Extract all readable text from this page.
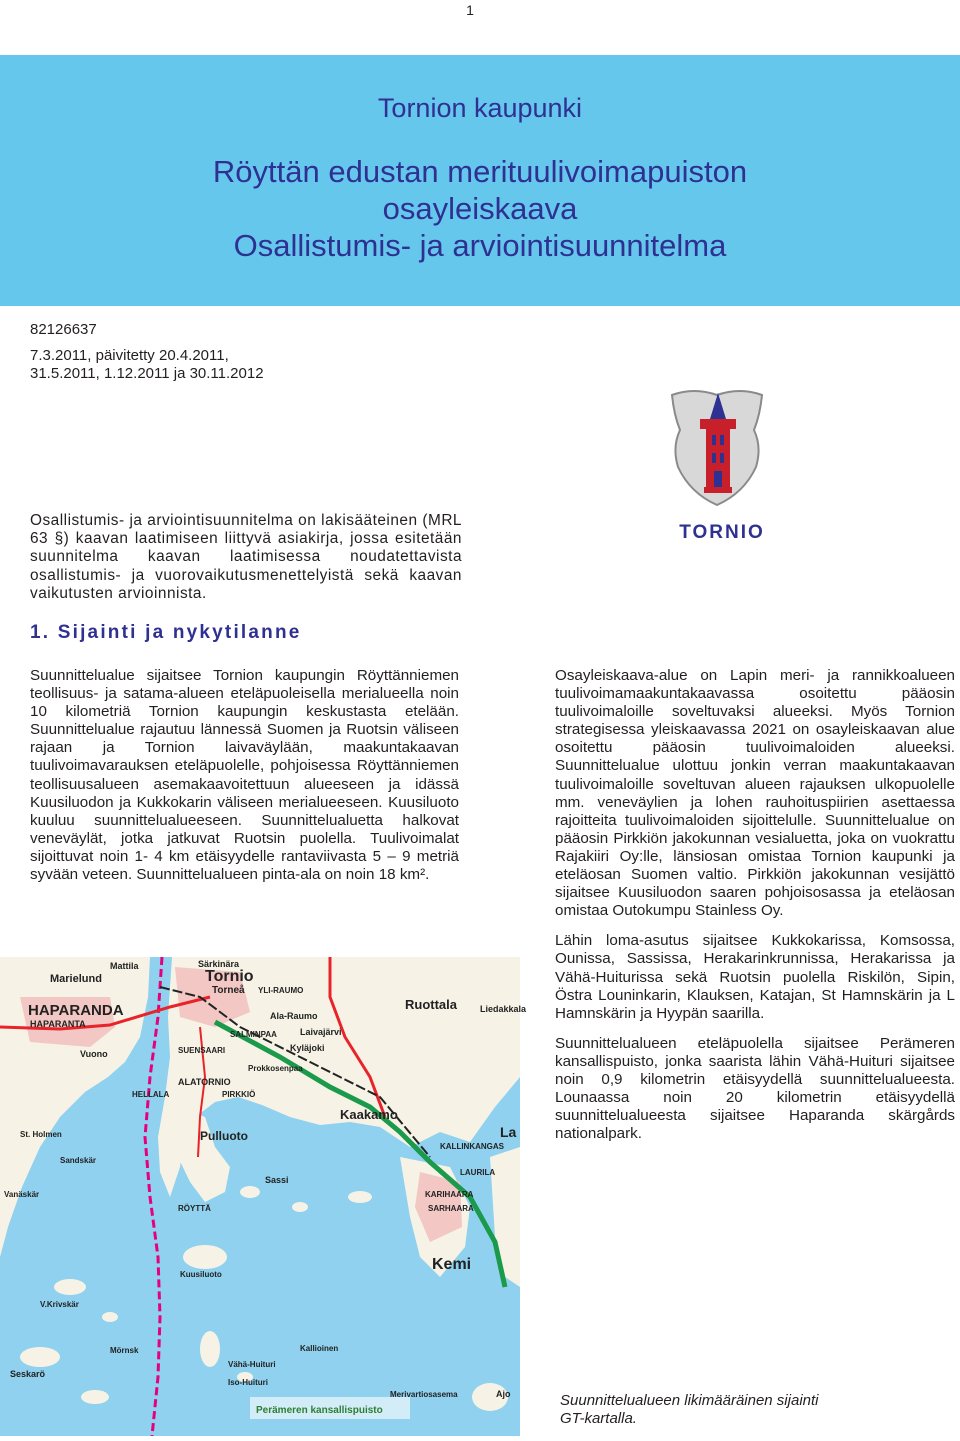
1
Tornion kaupunki
Röyttän edustan merituulivoimapuiston
osayleiskaava
Osallistumis- ja arviointisuunnitelma
82126637
7.3.2011, päivitetty 20.4.2011,
31.5.2011, 1.12.2011 ja 30.11.2012
Osallistumis- ja arviointisuunnitelma on lakisääteinen (MRL 63 §) kaavan laatimiseen liittyvä asiakirja, jossa esitetään suunnitelma kaavan laatimisessa noudatettavista osallistumis- ja vuorovaikutusmenettelyistä sekä kaavan vaikutusten arvioinnista.
TORNIO
1. Sijainti ja nykytilanne

Suunnittelualue sijaitsee Tornion kaupungin Röyttänniemen teollisuus- ja satama-alueen eteläpuoleisella merialueella noin 10 kilometriä Tornion kaupungin keskustasta etelään. Suunnittelualue rajautuu lännessä Suomen ja Ruotsin väliseen rajaan ja Tornion laivaväylään, maakuntakaavan tuulivoimavarauksen eteläpuolelle, pohjoisessa Röyttänniemen teollisuusalueen asemakaavoitettuun alueeseen ja idässä Kuusiluodon ja Kukkokarin väliseen merialueeseen. Kuusiluoto kuuluu suunnittelualueeseen. Suunnittelualuetta halkovat veneväylät, jotka jatkuvat Ruotsin puolella. Tuulivoimalat sijoittuvat noin 1- 4 km etäisyydelle rantaviivasta 5 – 9 metriä syvään veteen. Suunnittelualueen pinta-ala on noin 18 km².

Osayleiskaava-alue on Lapin meri- ja rannikkoalueen tuulivoimamaakuntakaavassa osoitettu pääosin tuulivoimaloille soveltuvaksi alueeksi. Myös Tornion strategisessa yleiskaavassa 2021 on osayleiskaavan alue osoitettu pääosin tuulivoimaloiden alueeksi. Suunnittelualue ulottuu jonkin verran maakuntakaavan tuulivoimaloille soveltuvan alueen rajauksen ulkopuolelle mm. veneväylien ja lohen rauhoituspiirien asettaessa rajoitteita tuulivoimaloiden sijoittelulle. Suunnittelualue on pääosin Pirkkiön jakokunnan vesialuetta, joka on vuokrattu Rajakiiri Oy:lle, länsiosan omistaa Tornion kaupunki ja eteläosan Suomen valtio. Pirkkiön jakokunnan vesijättö sijaitsee Kuusiluodon saaren pohjoisosassa ja eteläosan omistaa Outokumpu Stainless Oy.

Lähin loma-asutus sijaitsee Kukkokarissa, Komsossa, Ounissa, Sassissa, Herakarinkrunnissa, Herakarissa ja Vähä-Huiturissa sekä Ruotsin puolella Riskilön, Sipin, Östra Louninkarin, Klauksen, Katajan, St Hamnskärin ja L Hamnskärin ja Hyypän saarilla.

Suunnittelualueen eteläpuolella sijaitsee Perämeren kansallispuisto, jonka saarista lähin Vähä-Huituri sijaitsee noin 0,9 kilometrin etäisyydellä suunnittelualueesta. Lounaassa noin 20 kilometrin etäisyydellä suunnittelualueesta sijaitsee Haparanda skärgårds nationalpark.

Tornio
Torneå
HAPARANDA
HAPARANTA
Marielund
Mattila	Särkinära
Ruottala	Liedakkala
Kemi
Kaakamo
Pulluoto
Laivajärvi
Vuono	SUENSAARI
YLI-RAUMO
Ala-Raumo
SALMINPAA
Kyläjoki
ALATORNIO
PIRKKIÖ
HELLALA
Prokkosenpaa
Sassi
RÖYTTÄ
Kuusiluoto
KALLINKANGAS
KARIHAARA
SARHAARA
LAURILA
Vähä-Huituri
Iso-Huituri
Kallioinen
St. Holmen
Sandskär
Vanäskär
Seskarö
Mörnsk
V.Krivskär
Merivartiosasema	Ajo
Perämeren kansallispuisto
La
Suunnittelualueen likimääräinen sijainti
GT-kartalla.
